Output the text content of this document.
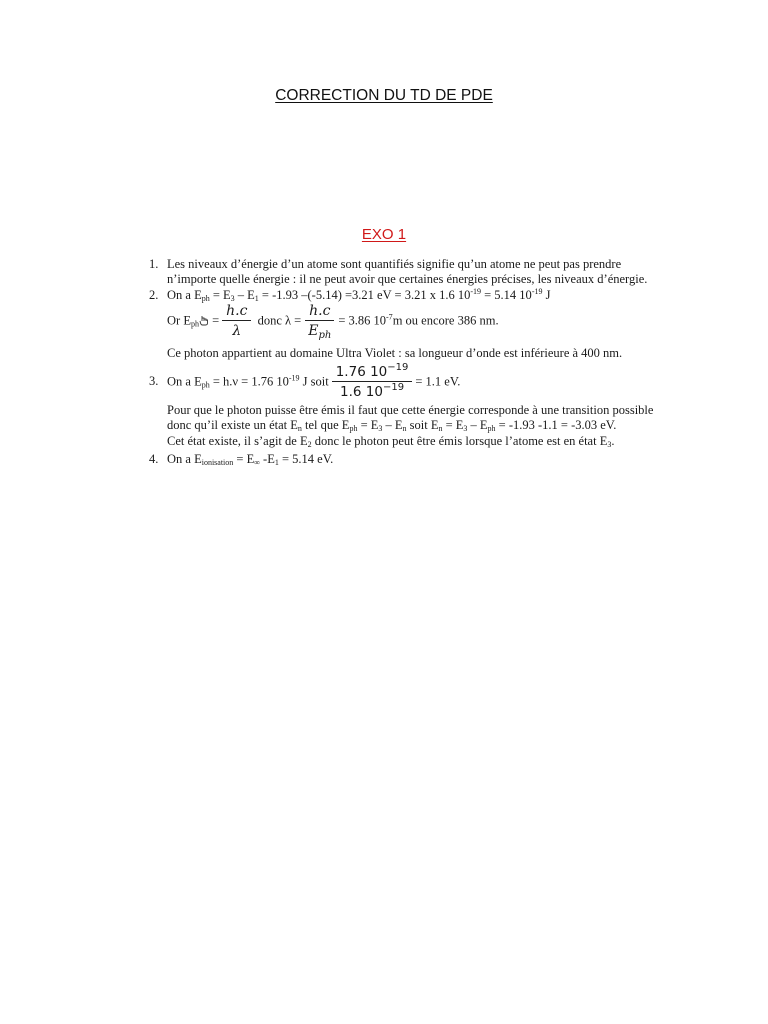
CORRECTION DU TD DE PDE
EXO 1
1. Les niveaux d’énergie d’un atome sont quantifiés signifie qu’un atome ne peut pas prendre
n’importe quelle énergie : il ne peut avoir que certaines énergies précises, les niveaux d’énergie.
2. On a $E_{ph} = E_3 - E_1 = -1.93$ –(-5.14) =3.21 eV = 3.21 x 1.6 $10^{-19} = 5.14$ $10^{-19}$ J
Or $E_{ph} = \frac{h.c}{\lambda}$ donc $\lambda = \frac{h.c}{E_{ph}} = 3.86$ $10^{-7}m$ ou encore 386 nm.
Ce photon appartient au domaine Ultra Violet : sa longueur d’onde est inférieure à 400 nm.
3. On a $E_{ph} = h.\nu = 1.76$ $10^{-19}$ J soit $\frac{1.76 10^{-19}}{1.6 10^{-19}} = 1.1$ eV.
Pour que le photon puisse être émis il faut que cette énergie corresponde à une transition possible
donc qu’il existe un état $E_n$ tel que $E_{ph} = E_3 - E_n$ soit $E_n = E_3 - E_{ph} = -1.93$ -1.1 = -3.03 eV.
Cet état existe, il s’agit de $E_2$ donc le photon peut être émis lorsque l’atome est en état $E_3$.
4. On a $E_{ionisation} = E_\infty$ $-E_1 = 5.14$ eV.
